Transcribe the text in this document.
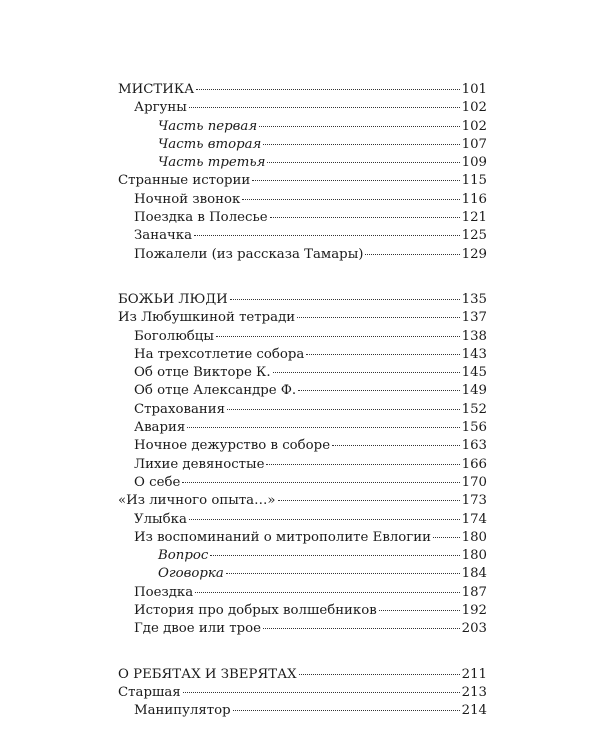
МИСТИКА	101
Аргуны	102
Часть первая	102
Часть вторая	107
Часть третья	109
Странные истории	115
Ночной звонок	116
Поездка в Полесье	121
Заначка	125
Пожалели (из рассказа Тамары)	129
БОЖЬИ ЛЮДИ	135
Из Любушкиной тетради	137
Боголюбцы	138
На трехсотлетие собора	143
Об отце Викторе К.	145
Об отце Александре Ф.	149
Страхования	152
Авария	156
Ночное дежурство в соборе	163
Лихие девяностые	166
О себе	170
«Из личного опыта…»	173
Улыбка	174
Из воспоминаний о митрополите Евлогии 180
Вопрос	180
Оговорка	184
Поездка	187
История про добрых волшебников	192
Где двое или трое	203
О РЕБЯТАХ И ЗВЕРЯТАХ	211
Старшая	213
Манипулятор	214
